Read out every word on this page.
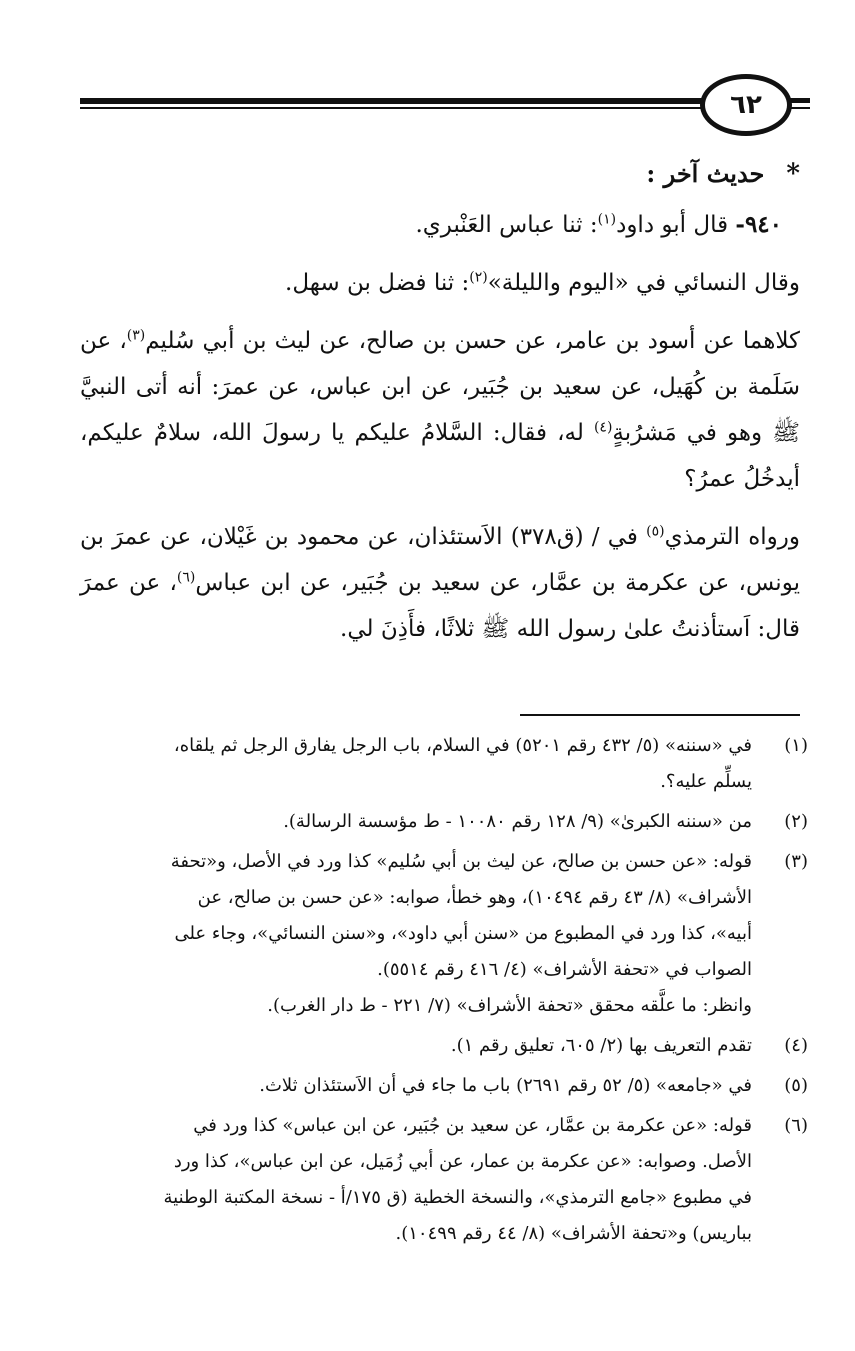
٦٢
*
حديث آخر :
٩٤٠- قال أبو داود$^{(١)}$: ثنا عباس العَنْبري.
وقال النسائي في «اليوم والليلة»$^{(٢)}$: ثنا فضل بن سهل.
كلاهما عن أسود بن عامر، عن حسن بن صالح، عن ليث بن أبي سُليم$^{(٣)}$، عن سَلَمة بن كُهَيل، عن سعيد بن جُبَير، عن ابن عباس، عن عمرَ: أنه أتى النبيَّ ﷺ وهو في مَشرُبةٍ$^{(٤)}$ له، فقال: السَّلامُ عليكم يا رسولَ الله، سلامٌ عليكم، أيدخُلُ عمرُ؟
ورواه الترمذي$^{(٥)}$ في / (ق٣٧٨) الاَستئذان، عن محمود بن غَيْلان، عن عمرَ بن يونس، عن عكرمة بن عمَّار، عن سعيد بن جُبَير، عن ابن عباس$^{(٦)}$، عن عمرَ قال: اَستأذنتُ علىٰ رسول الله ﷺ ثلاثًا، فأَذِنَ لي.
(١)
في «سننه» (٥/ ٤٣٢ رقم ٥٢٠١) في السلام، باب الرجل يفارق الرجل ثم يلقاه،
يسلِّم عليه؟.
(٢)
من «سننه الكبرىٰ» (٩/ ١٢٨ رقم ١٠٠٨٠ - ط مؤسسة الرسالة).
(٣)
قوله: «عن حسن بن صالح، عن ليث بن أبي سُليم» كذا ورد في الأصل، و«تحفة
الأشراف» (٨/ ٤٣ رقم ١٠٤٩٤)، وهو خطأ، صوابه: «عن حسن بن صالح، عن
أبيه»، كذا ورد في المطبوع من «سنن أبي داود»، و«سنن النسائي»، وجاء على
الصواب في «تحفة الأشراف» (٤/ ٤١٦ رقم ٥٥١٤).
وانظر: ما علَّقه محقق «تحفة الأشراف» (٧/ ٢٢١ - ط دار الغرب).
(٤)
تقدم التعريف بها (٢/ ٦٠٥، تعليق رقم ١).
(٥)
في «جامعه» (٥/ ٥٢ رقم ٢٦٩١) باب ما جاء في أن الاَستئذان ثلاث.
(٦)
قوله: «عن عكرمة بن عمَّار، عن سعيد بن جُبَير، عن ابن عباس» كذا ورد في
الأصل. وصوابه: «عن عكرمة بن عمار، عن أبي زُمَيل، عن ابن عباس»، كذا ورد
في مطبوع «جامع الترمذي»، والنسخة الخطية (ق ١٧٥/أ - نسخة المكتبة الوطنية
بباريس) و«تحفة الأشراف» (٨/ ٤٤ رقم ١٠٤٩٩).
